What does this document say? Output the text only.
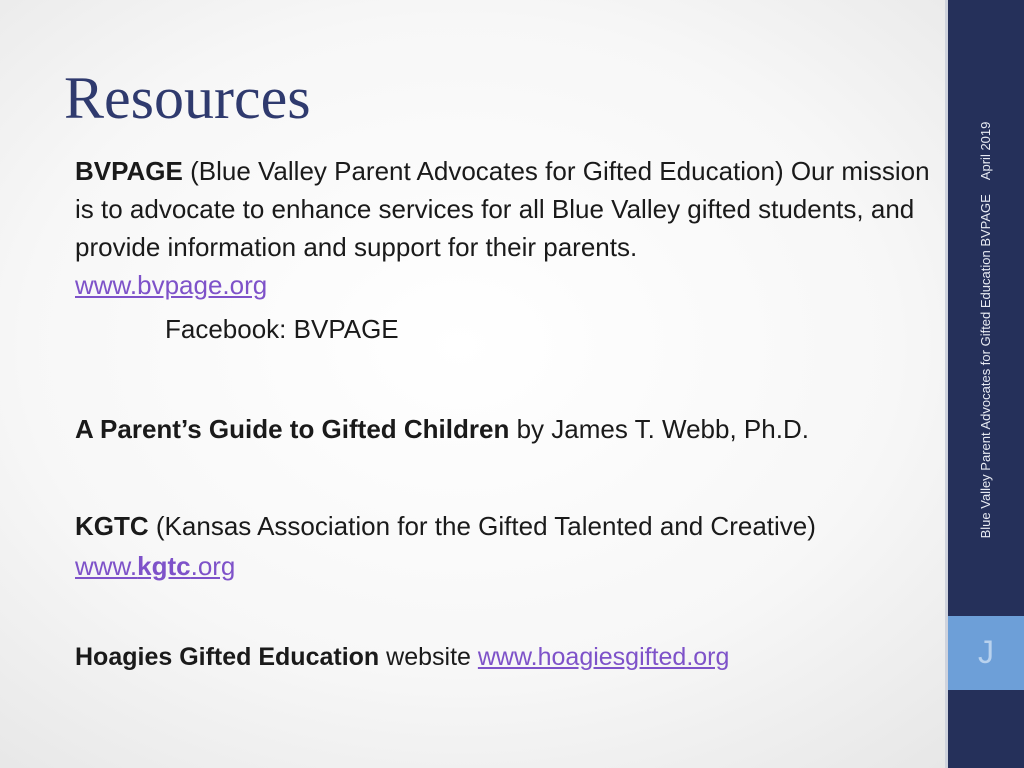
Resources

BVPAGE (Blue Valley Parent Advocates for Gifted Education) Our mission is to advocate to enhance services for all Blue Valley gifted students, and provide information and support for their parents.
www.bvpage.org

Facebook: BVPAGE

A Parent’s Guide to Gifted Children by James T. Webb, Ph.D.

KGTC (Kansas Association for the Gifted Talented and Creative) www.kgtc.org

Hoagies Gifted Education website www.hoagiesgifted.org

Blue Valley Parent Advocates for Gifted Education BVPAGEApril 2019
J
